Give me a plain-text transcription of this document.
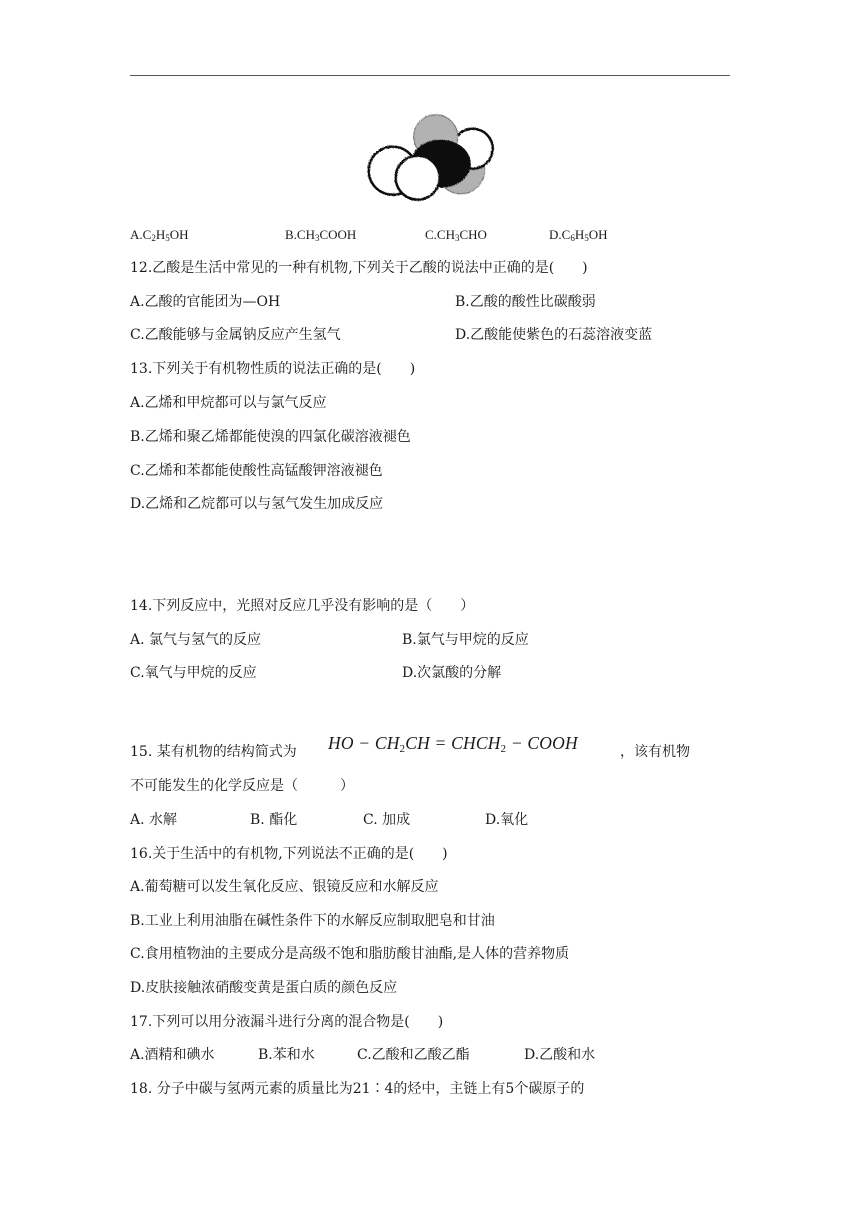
$A.C_2H_5OH$	$B.CH_3COOH$	$C.CH_3CHO$	$D.C_6H_5OH$
12.乙酸是生活中常见的一种有机物,下列关于乙酸的说法中正确的是(　　)
A.乙酸的官能团为—OH	B.乙酸的酸性比碳酸弱
C.乙酸能够与金属钠反应产生氢气	D.乙酸能使紫色的石蕊溶液变蓝
13.下列关于有机物性质的说法正确的是(　　)
A.乙烯和甲烷都可以与氯气反应
B.乙烯和聚乙烯都能使溴的四氯化碳溶液褪色
C.乙烯和苯都能使酸性高锰酸钾溶液褪色
D.乙烯和乙烷都可以与氢气发生加成反应
14.下列反应中，光照对反应几乎没有影响的是（　　）
A. 氯气与氢气的反应	B.氯气与甲烷的反应
C.氧气与甲烷的反应	D.次氯酸的分解
15. 某有机物的结构简式为 HO − $CH_2CH$ = $CHCH_2$ − COOH	，该有机物
不可能发生的化学反应是（　　　）
A. 水解	B. 酯化	C. 加成	D.氧化
16.关于生活中的有机物,下列说法不正确的是(　　)
A.葡萄糖可以发生氧化反应、银镜反应和水解反应
B.工业上利用油脂在碱性条件下的水解反应制取肥皂和甘油
C.食用植物油的主要成分是高级不饱和脂肪酸甘油酯,是人体的营养物质
D.皮肤接触浓硝酸变黄是蛋白质的颜色反应
17.下列可以用分液漏斗进行分离的混合物是(　　)
A.酒精和碘水	B.苯和水	C.乙酸和乙酸乙酯	D.乙酸和水
18. 分子中碳与氢两元素的质量比为21∶4的烃中，主链上有5个碳原子的
